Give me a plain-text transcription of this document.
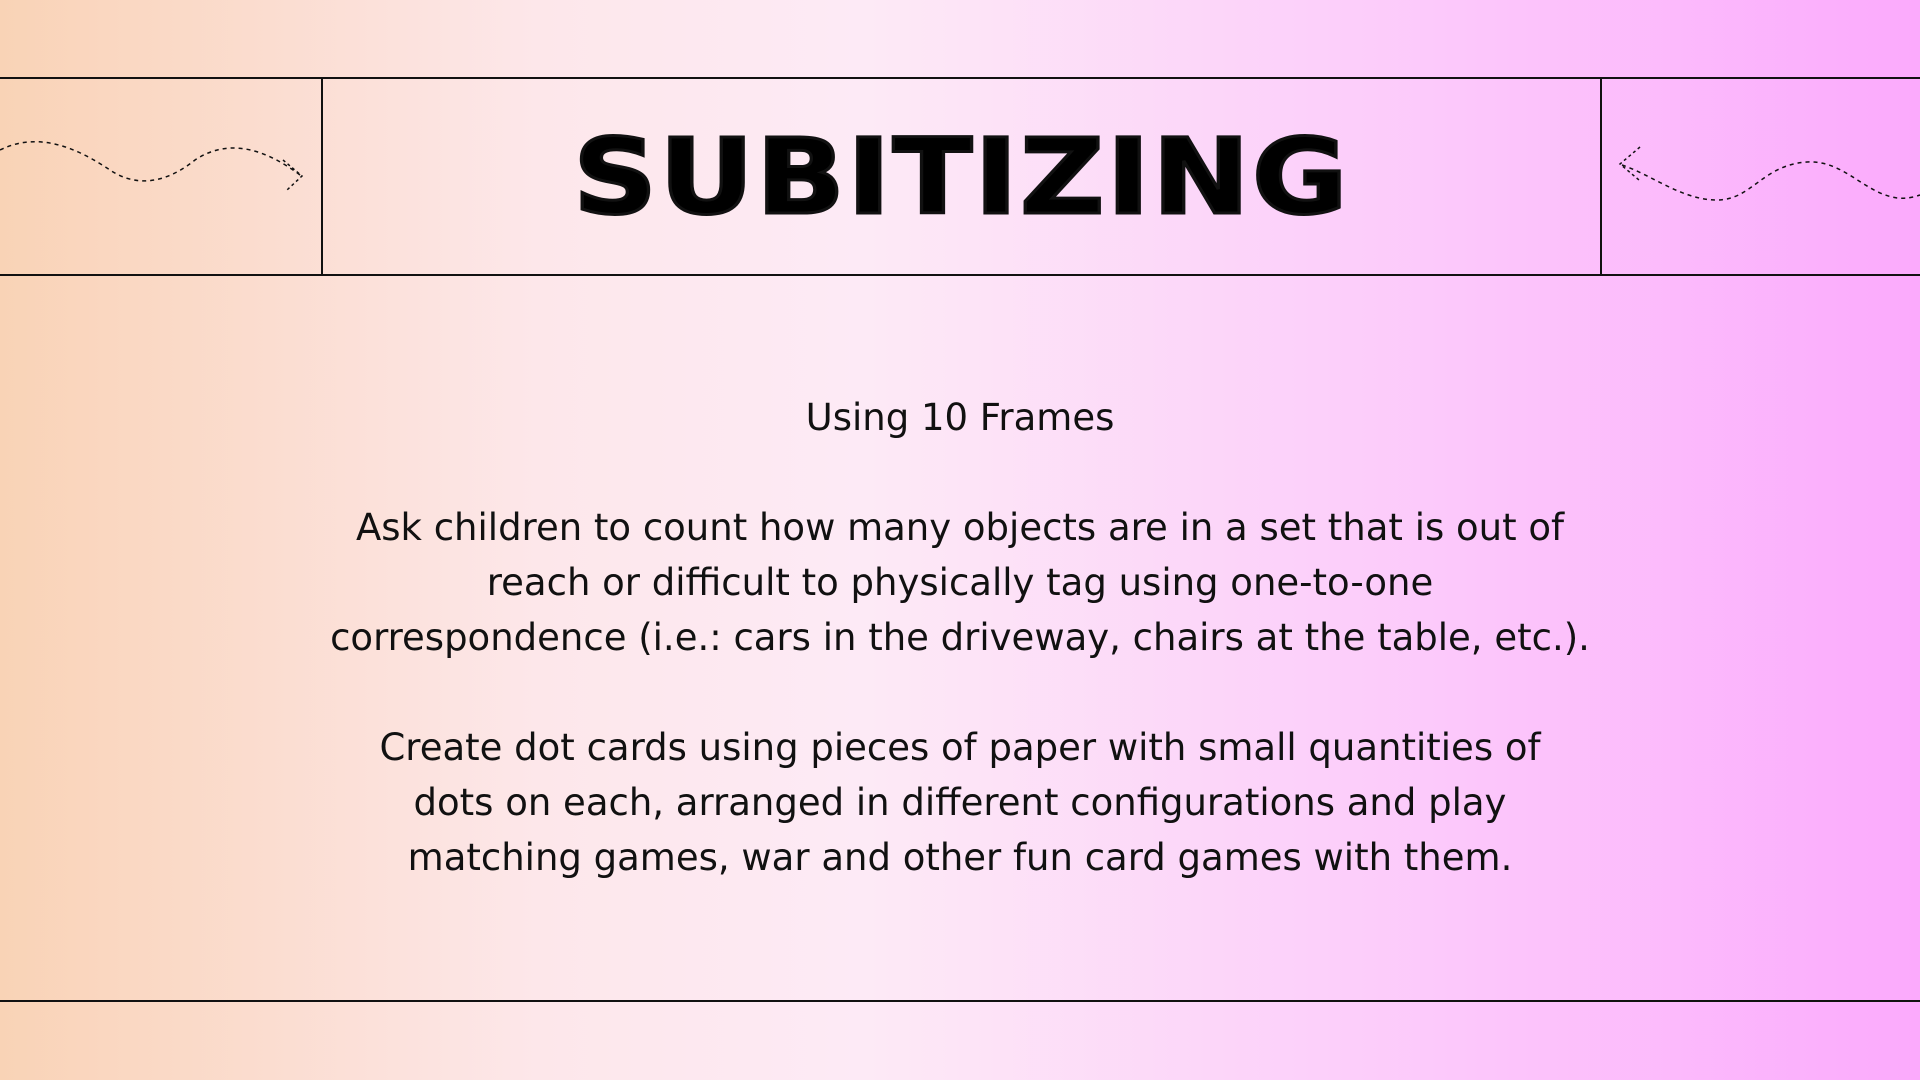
SUBITIZING

Using 10 Frames

Ask children to count how many objects are in a set that is out of

reach or difficult to physically tag using one-to-one

correspondence (i.e.: cars in the driveway, chairs at the table, etc.).

Create dot cards using pieces of paper with small quantities of

dots on each, arranged in different configurations and play

matching games, war and other fun card games with them.
